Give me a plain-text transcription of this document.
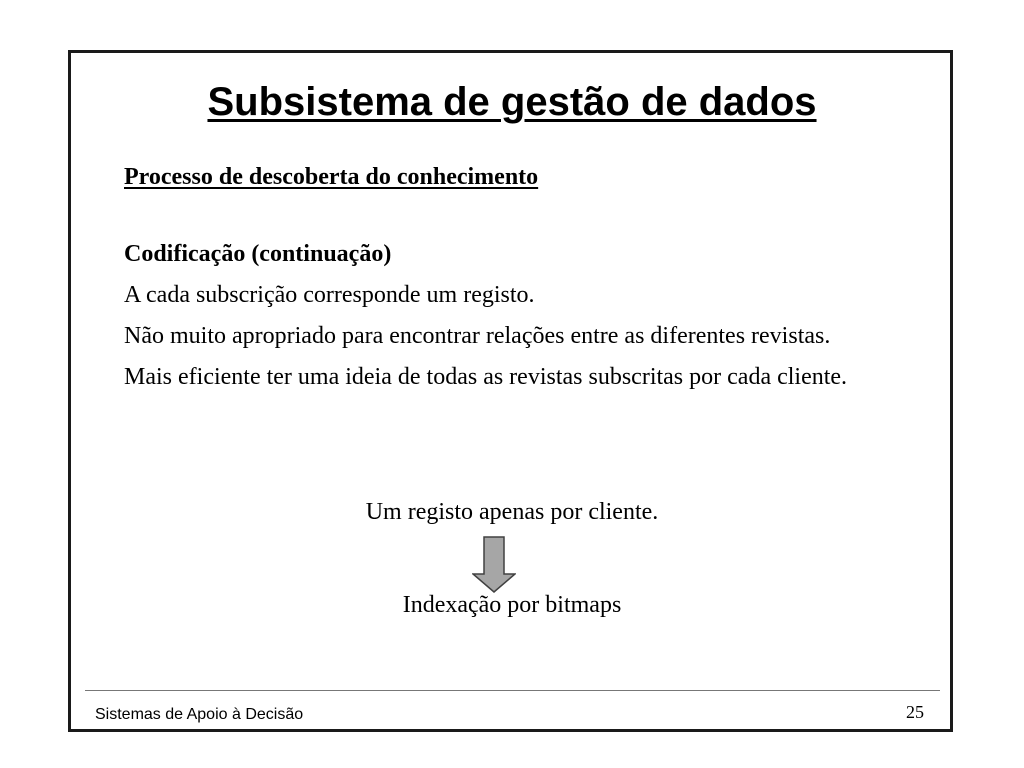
Subsistema de gestão de dados

Processo de descoberta do conhecimento

Codificação (continuação)

A cada subscrição corresponde um registo.

Não muito apropriado para encontrar relações entre as diferentes revistas.

Mais eficiente ter uma ideia de todas as revistas subscritas por cada cliente.

Um registo apenas por cliente.
Indexação por bitmaps
Sistemas de Apoio à Decisão	25
